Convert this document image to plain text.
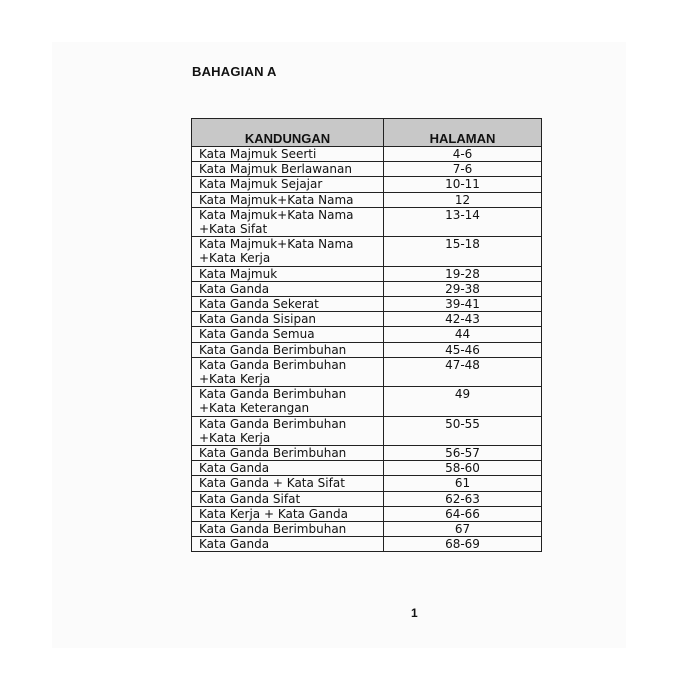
BAHAGIAN A
KANDUNGAN	HALAMAN
Kata Majmuk Seerti	4-6
Kata Majmuk Berlawanan	7-6
Kata Majmuk Sejajar	10-11
Kata Majmuk+Kata Nama	12
Kata Majmuk+Kata Nama
+Kata Sifat	13-14
Kata Majmuk+Kata Nama
+Kata Kerja	15-18
Kata Majmuk	19-28
Kata Ganda	29-38
Kata Ganda Sekerat	39-41
Kata Ganda Sisipan	42-43
Kata Ganda Semua	44
Kata Ganda Berimbuhan	45-46
Kata Ganda Berimbuhan
+Kata Kerja	47-48
Kata Ganda Berimbuhan
+Kata Keterangan	49
Kata Ganda Berimbuhan
+Kata Kerja	50-55
Kata Ganda Berimbuhan	56-57
Kata Ganda	58-60
Kata Ganda + Kata Sifat	61
Kata Ganda Sifat	62-63
Kata Kerja + Kata Ganda	64-66
Kata Ganda Berimbuhan	67
Kata Ganda	68-69
1
